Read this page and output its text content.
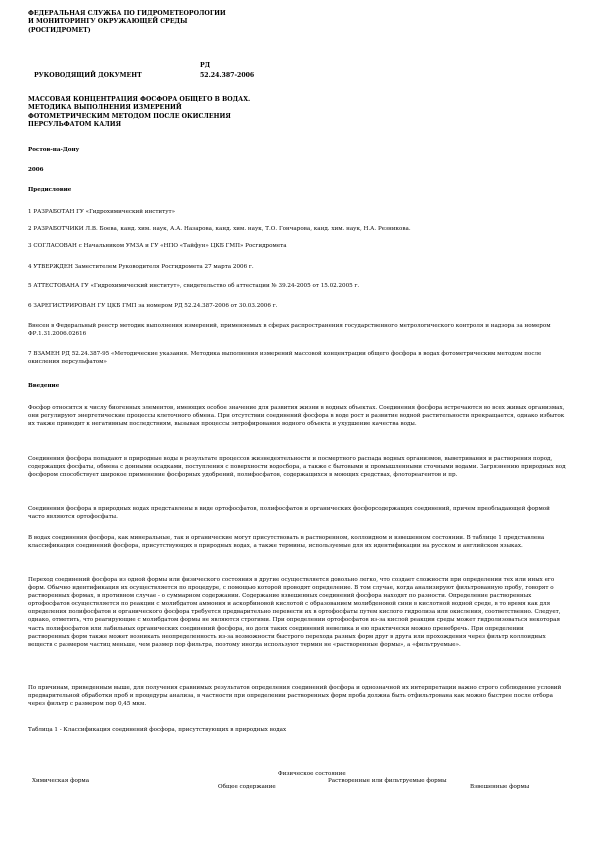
ФЕДЕРАЛЬНАЯ СЛУЖБА ПО ГИДРОМЕТЕОРОЛОГИИ
И МОНИТОРИНГУ ОКРУЖАЮЩЕЙ СРЕДЫ
(РОСГИДРОМЕТ)
РУКОВОДЯЩИЙ ДОКУМЕНТ
РД
52.24.387-2006
МАССОВАЯ КОНЦЕНТРАЦИЯ ФОСФОРА ОБЩЕГО В ВОДАХ.
МЕТОДИКА ВЫПОЛНЕНИЯ ИЗМЕРЕНИЙ
ФОТОМЕТРИЧЕСКИМ МЕТОДОМ ПОСЛЕ ОКИСЛЕНИЯ
ПЕРСУЛЬФАТОМ КАЛИЯ
Ростов-на-Дону
2006
Предисловие

1 РАЗРАБОТАН ГУ «Гидрохимический институт»

2 РАЗРАБОТЧИКИ Л.В. Боева, канд. хим. наук, А.А. Назарова, канд. хим. наук, Т.О. Гончарова, канд. хим. наук, Н.А. Резникова.

3 СОГЛАСОВАН с Начальником УМЗА и ГУ «НПО «Тайфун» ЦКБ ГМП» Росгидромета

4 УТВЕРЖДЕН Заместителем Руководителя Росгидромета 27 марта 2006 г.

5 АТТЕСТОВАНА ГУ «Гидрохимический институт», свидетельство об аттестации № 39.24-2005 от 15.02.2005 г.

6 ЗАРЕГИСТРИРОВАН ГУ ЦКБ ГМП за номером РД 52.24.387-2006 от 30.03.2006 г.

Внесен в Федеральный реестр методик выполнения измерений, применяемых в сферах распространения государственного метрологического контроля и надзора за номером ФР.1.31.2006.02616

7 ВЗАМЕН РД 52.24.387-95 «Методические указания. Методика выполнения измерений массовой концентрации общего фосфора в водах фотометрическим методом после окисления персульфатом»

Введение

Фосфор относится к числу биогенных элементов, имеющих особое значение для развития жизни в водных объектах. Соединения фосфора встречаются во всех живых организмах, они регулируют энергетические процессы клеточного обмена. При отсутствии соединений фосфора в воде рост и развитие водной растительности прекращается, однако избыток их также приводит к негативным последствиям, вызывая процессы эвтрофирования водного объекта и ухудшение качества воды.

Соединения фосфора попадают в природные воды в результате процессов жизнедеятельности и посмертного распада водных организмов, выветривания и растворения пород, содержащих фосфаты, обмена с донными осадками, поступления с поверхности водосбора, а также с бытовыми и промышленными сточными водами. Загрязнению природных вод фосфором способствует широкое применение фосфорных удобрений, полифосфатов, содержащихся в моющих средствах, флотореагентов и пр.

Соединения фосфора в природных водах представлены в виде ортофосфатов, полифосфатов и органических фосфорсодержащих соединений, причем преобладающей формой часто являются ортофосфаты.

В водах соединения фосфора, как минеральные, так и органические могут присутствовать в растворенном, коллоидном и взвешенном состоянии. В таблице 1 представлена классификация соединений фосфора, присутствующих в природных водах, а также термины, используемые для их идентификации на русском и английском языках.

Переход соединений фосфора из одной формы или физического состояния в другие осуществляется довольно легко, что создает сложности при определении тех или иных его форм. Обычно идентификация их осуществляется по процедуре, с помощью которой проводят определение. В том случае, когда анализируют фильтрованную пробу, говорят о растворенных формах, в противном случае - о суммарном содержании. Содержание взвешенных соединений фосфора находят по разности. Определение растворенных ортофосфатов осуществляется по реакции с молибдатом аммония и аскорбиновой кислотой с образованием молибденовой сини в кислотной водной среде, в то время как для определения полифосфатов и органического фосфора требуется предварительно перевести их в ортофосфаты путем кислого гидролиза или окисления, соответственно. Следует, однако, отметить, что реагирующие с молибдатом формы не являются строгими. При определении ортофосфатов из-за кислой реакции среды может гидролизоваться некоторая часть полифосфатов или лабильных органических соединений фосфора, но доля таких соединений невелика и ею практически можно пренебречь. При определении растворенных форм также может возникать неопределенность из-за возможности быстрого перехода разных форм друг в друга или прохождения через фильтр коллоидных веществ с размером частиц меньше, чем размер пор фильтра, поэтому иногда используют термин не «растворенные формы», а «фильтруемые».

По причинам, приведенным выше, для получения сравнимых результатов определения соединений фосфора и однозначной их интерпретации важно строго соблюдение условий предварительной обработки проб и процедуры анализа, в частности при определении растворенных форм проба должна быть отфильтрована как можно быстрее после отбора через фильтр с размером пор 0,45 мкм.

Таблица 1 - Классификация соединений фосфора, присутствующих в природных водах
	Физическое состояние		
Химическая форма	Общее содержание	Растворенные или фильтруемые формы	Взвешенные формы
